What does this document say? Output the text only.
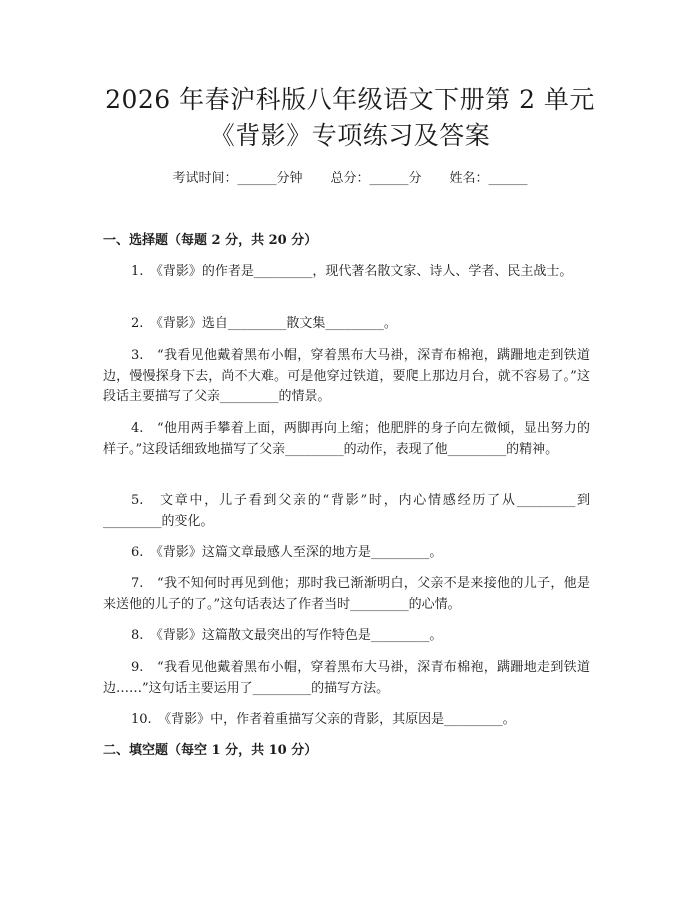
2026 年春沪科版八年级语文下册第 2 单元
《背影》专项练习及答案
考试时间：______分钟 总分：______分 姓名：______
一、选择题（每题 2 分，共 20 分）
1.　《背影》的作者是_________，现代著名散文家、诗人、学者、民主战士。
2.　《背影》选自_________散文集_________。
3.　“我看见他戴着黑布小帽，穿着黑布大马褂，深青布棉袍，蹒跚地走到铁道边，慢慢探身下去，尚不大难。可是他穿过铁道，要爬上那边月台，就不容易了。”这段话主要描写了父亲_________的情景。
4.　“他用两手攀着上面，两脚再向上缩；他肥胖的身子向左微倾，显出努力的样子。”这段话细致地描写了父亲_________的动作，表现了他_________的精神。
5.　文章中，儿子看到父亲的“背影”时，内心情感经历了从_________到_________的变化。
6.　《背影》这篇文章最感人至深的地方是_________。
7.　“我不知何时再见到他；那时我已渐渐明白，父亲不是来接他的儿子，他是来送他的儿子的了。”这句话表达了作者当时_________的心情。
8.　《背影》这篇散文最突出的写作特色是_________。
9.　“我看见他戴着黑布小帽，穿着黑布大马褂，深青布棉袍，蹒跚地走到铁道边……”这句话主要运用了_________的描写方法。
10.　《背影》中，作者着重描写父亲的背影，其原因是_________。
二、填空题（每空 1 分，共 10 分）
